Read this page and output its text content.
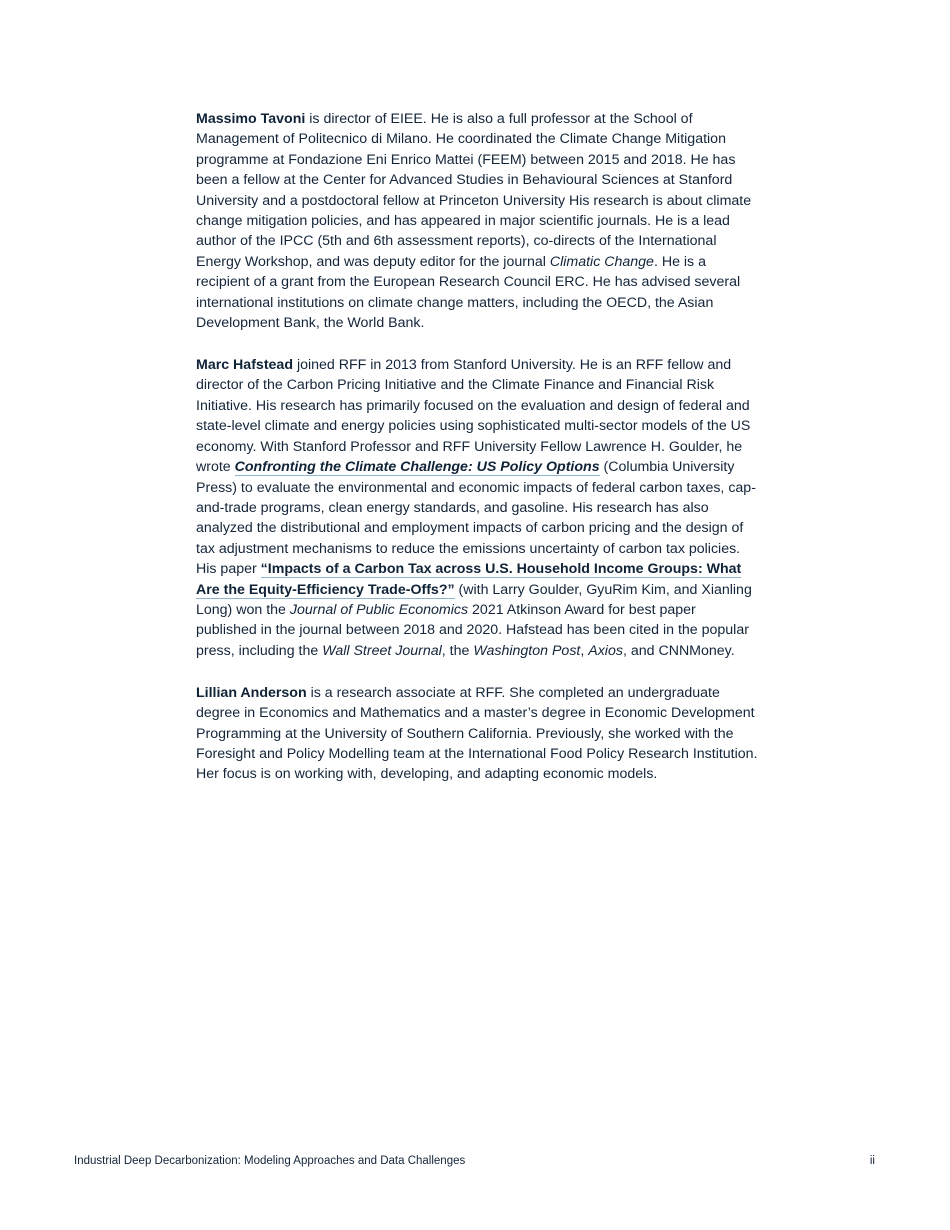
Massimo Tavoni is director of EIEE. He is also a full professor at the School of Management of Politecnico di Milano. He coordinated the Climate Change Mitigation programme at Fondazione Eni Enrico Mattei (FEEM) between 2015 and 2018. He has been a fellow at the Center for Advanced Studies in Behavioural Sciences at Stanford University and a postdoctoral fellow at Princeton University His research is about climate change mitigation policies, and has appeared in major scientific journals. He is a lead author of the IPCC (5th and 6th assessment reports), co-directs of the International Energy Workshop, and was deputy editor for the journal Climatic Change. He is a recipient of a grant from the European Research Council ERC. He has advised several international institutions on climate change matters, including the OECD, the Asian Development Bank, the World Bank.

Marc Hafstead joined RFF in 2013 from Stanford University. He is an RFF fellow and director of the Carbon Pricing Initiative and the Climate Finance and Financial Risk Initiative. His research has primarily focused on the evaluation and design of federal and state-level climate and energy policies using sophisticated multi-sector models of the US economy. With Stanford Professor and RFF University Fellow Lawrence H. Goulder, he wrote Confronting the Climate Challenge: US Policy Options (Columbia University Press) to evaluate the environmental and economic impacts of federal carbon taxes, cap-and-trade programs, clean energy standards, and gasoline. His research has also analyzed the distributional and employment impacts of carbon pricing and the design of tax adjustment mechanisms to reduce the emissions uncertainty of carbon tax policies. His paper “Impacts of a Carbon Tax across U.S. Household Income Groups: What Are the Equity-Efficiency Trade-Offs?” (with Larry Goulder, GyuRim Kim, and Xianling Long) won the Journal of Public Economics 2021 Atkinson Award for best paper published in the journal between 2018 and 2020. Hafstead has been cited in the popular press, including the Wall Street Journal, the Washington Post, Axios, and CNNMoney.

Lillian Anderson is a research associate at RFF. She completed an undergraduate degree in Economics and Mathematics and a master’s degree in Economic Development Programming at the University of Southern California. Previously, she worked with the Foresight and Policy Modelling team at the International Food Policy Research Institution. Her focus is on working with, developing, and adapting economic models.

Industrial Deep Decarbonization: Modeling Approaches and Data Challenges	ii
